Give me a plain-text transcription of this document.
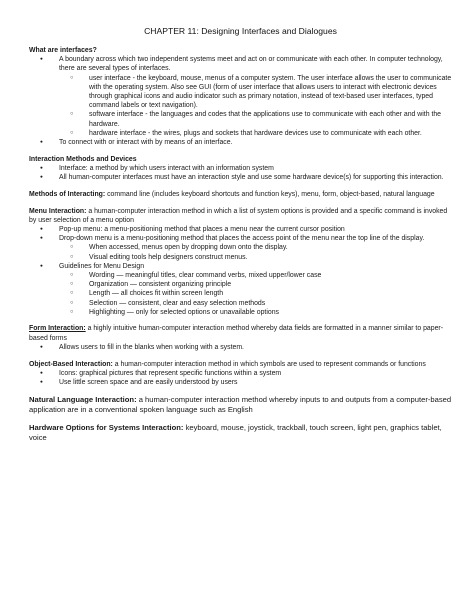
CHAPTER 11: Designing Interfaces and Dialogues
What are interfaces?
● A boundary across which two independent systems meet and act on or communicate with each other. In computer technology, there are several types of interfaces.
○ user interface - the keyboard, mouse, menus of a computer system. The user interface allows the user to communicate with the operating system. Also see GUI (form of user interface that allows users to interact with electronic devices through graphical icons and audio indicator such as primary notation, instead of text-based user interfaces, typed command labels or text navigation).
○ software interface - the languages and codes that the applications use to communicate with each other and with the hardware.
○ hardware interface - the wires, plugs and sockets that hardware devices use to communicate with each other.
● To connect with or interact with by means of an interface.
Interaction Methods and Devices
● Interface: a method by which users interact with an information system
● All human-computer interfaces must have an interaction style and use some hardware device(s) for supporting this interaction.
Methods of Interacting: command line (includes keyboard shortcuts and function keys), menu, form, object-based, natural language
Menu Interaction: a human-computer interaction method in which a list of system options is provided and a specific command is invoked by user selection of a menu option
● Pop-up menu: a menu-positioning method that places a menu near the current cursor position
● Drop-down menu is a menu-positioning method that places the access point of the menu near the top line of the display.
○ When accessed, menus open by dropping down onto the display.
○ Visual editing tools help designers construct menus.
● Guidelines for Menu Design
○ Wording — meaningful titles, clear command verbs, mixed upper/lower case
○ Organization — consistent organizing principle
○ Length — all choices fit within screen length
○ Selection — consistent, clear and easy selection methods
○ Highlighting — only for selected options or unavailable options
Form Interaction: a highly intuitive human-computer interaction method whereby data fields are formatted in a manner similar to paper-based forms
● Allows users to fill in the blanks when working with a system.
Object-Based Interaction: a human-computer interaction method in which symbols are used to represent commands or functions
● Icons: graphical pictures that represent specific functions within a system
● Use little screen space and are easily understood by users
Natural Language Interaction: a human-computer interaction method whereby inputs to and outputs from a computer-based application are in a conventional spoken language such as English
Hardware Options for Systems Interaction: keyboard, mouse, joystick, trackball, touch screen, light pen, graphics tablet, voice
